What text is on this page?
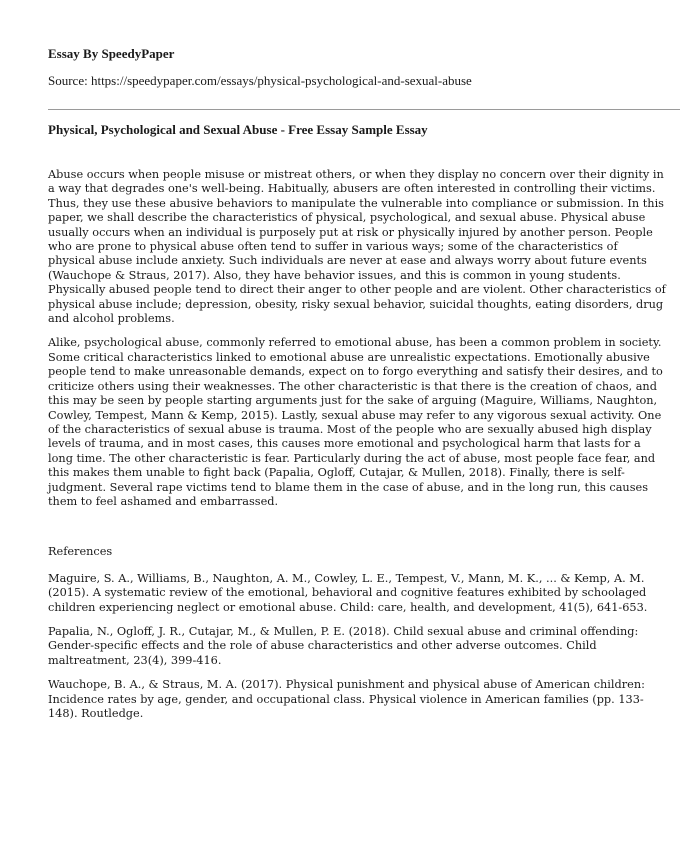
Essay By SpeedyPaper
Source: https://speedypaper.com/essays/physical-psychological-and-sexual-abuse
Physical, Psychological and Sexual Abuse - Free Essay Sample Essay

Abuse occurs when people misuse or mistreat others, or when they display no concern over their dignity in a way that degrades one's well-being. Habitually, abusers are often interested in controlling their victims. Thus, they use these abusive behaviors to manipulate the vulnerable into compliance or submission. In this paper, we shall describe the characteristics of physical, psychological, and sexual abuse. Physical abuse usually occurs when an individual is purposely put at risk or physically injured by another person. People who are prone to physical abuse often tend to suffer in various ways; some of the characteristics of physical abuse include anxiety. Such individuals are never at ease and always worry about future events (Wauchope & Straus, 2017). Also, they have behavior issues, and this is common in young students. Physically abused people tend to direct their anger to other people and are violent. Other characteristics of physical abuse include; depression, obesity, risky sexual behavior, suicidal thoughts, eating disorders, drug and alcohol problems.

Alike, psychological abuse, commonly referred to emotional abuse, has been a common problem in society. Some critical characteristics linked to emotional abuse are unrealistic expectations. Emotionally abusive people tend to make unreasonable demands, expect on to forgo everything and satisfy their desires, and to criticize others using their weaknesses. The other characteristic is that there is the creation of chaos, and this may be seen by people starting arguments just for the sake of arguing (Maguire, Williams, Naughton, Cowley, Tempest, Mann & Kemp, 2015). Lastly, sexual abuse may refer to any vigorous sexual activity. One of the characteristics of sexual abuse is trauma. Most of the people who are sexually abused high display levels of trauma, and in most cases, this causes more emotional and psychological harm that lasts for a long time. The other characteristic is fear. Particularly during the act of abuse, most people face fear, and this makes them unable to fight back (Papalia, Ogloff, Cutajar, & Mullen, 2018). Finally, there is self-judgment. Several rape victims tend to blame them in the case of abuse, and in the long run, this causes them to feel ashamed and embarrassed.

References

Maguire, S. A., Williams, B., Naughton, A. M., Cowley, L. E., Tempest, V., Mann, M. K., ... & Kemp, A. M. (2015). A systematic review of the emotional, behavioral and cognitive features exhibited by schoolaged children experiencing neglect or emotional abuse. Child: care, health, and development, 41(5), 641-653.

Papalia, N., Ogloff, J. R., Cutajar, M., & Mullen, P. E. (2018). Child sexual abuse and criminal offending: Gender-specific effects and the role of abuse characteristics and other adverse outcomes. Child maltreatment, 23(4), 399-416.

Wauchope, B. A., & Straus, M. A. (2017). Physical punishment and physical abuse of American children: Incidence rates by age, gender, and occupational class. Physical violence in American families (pp. 133-148). Routledge.
